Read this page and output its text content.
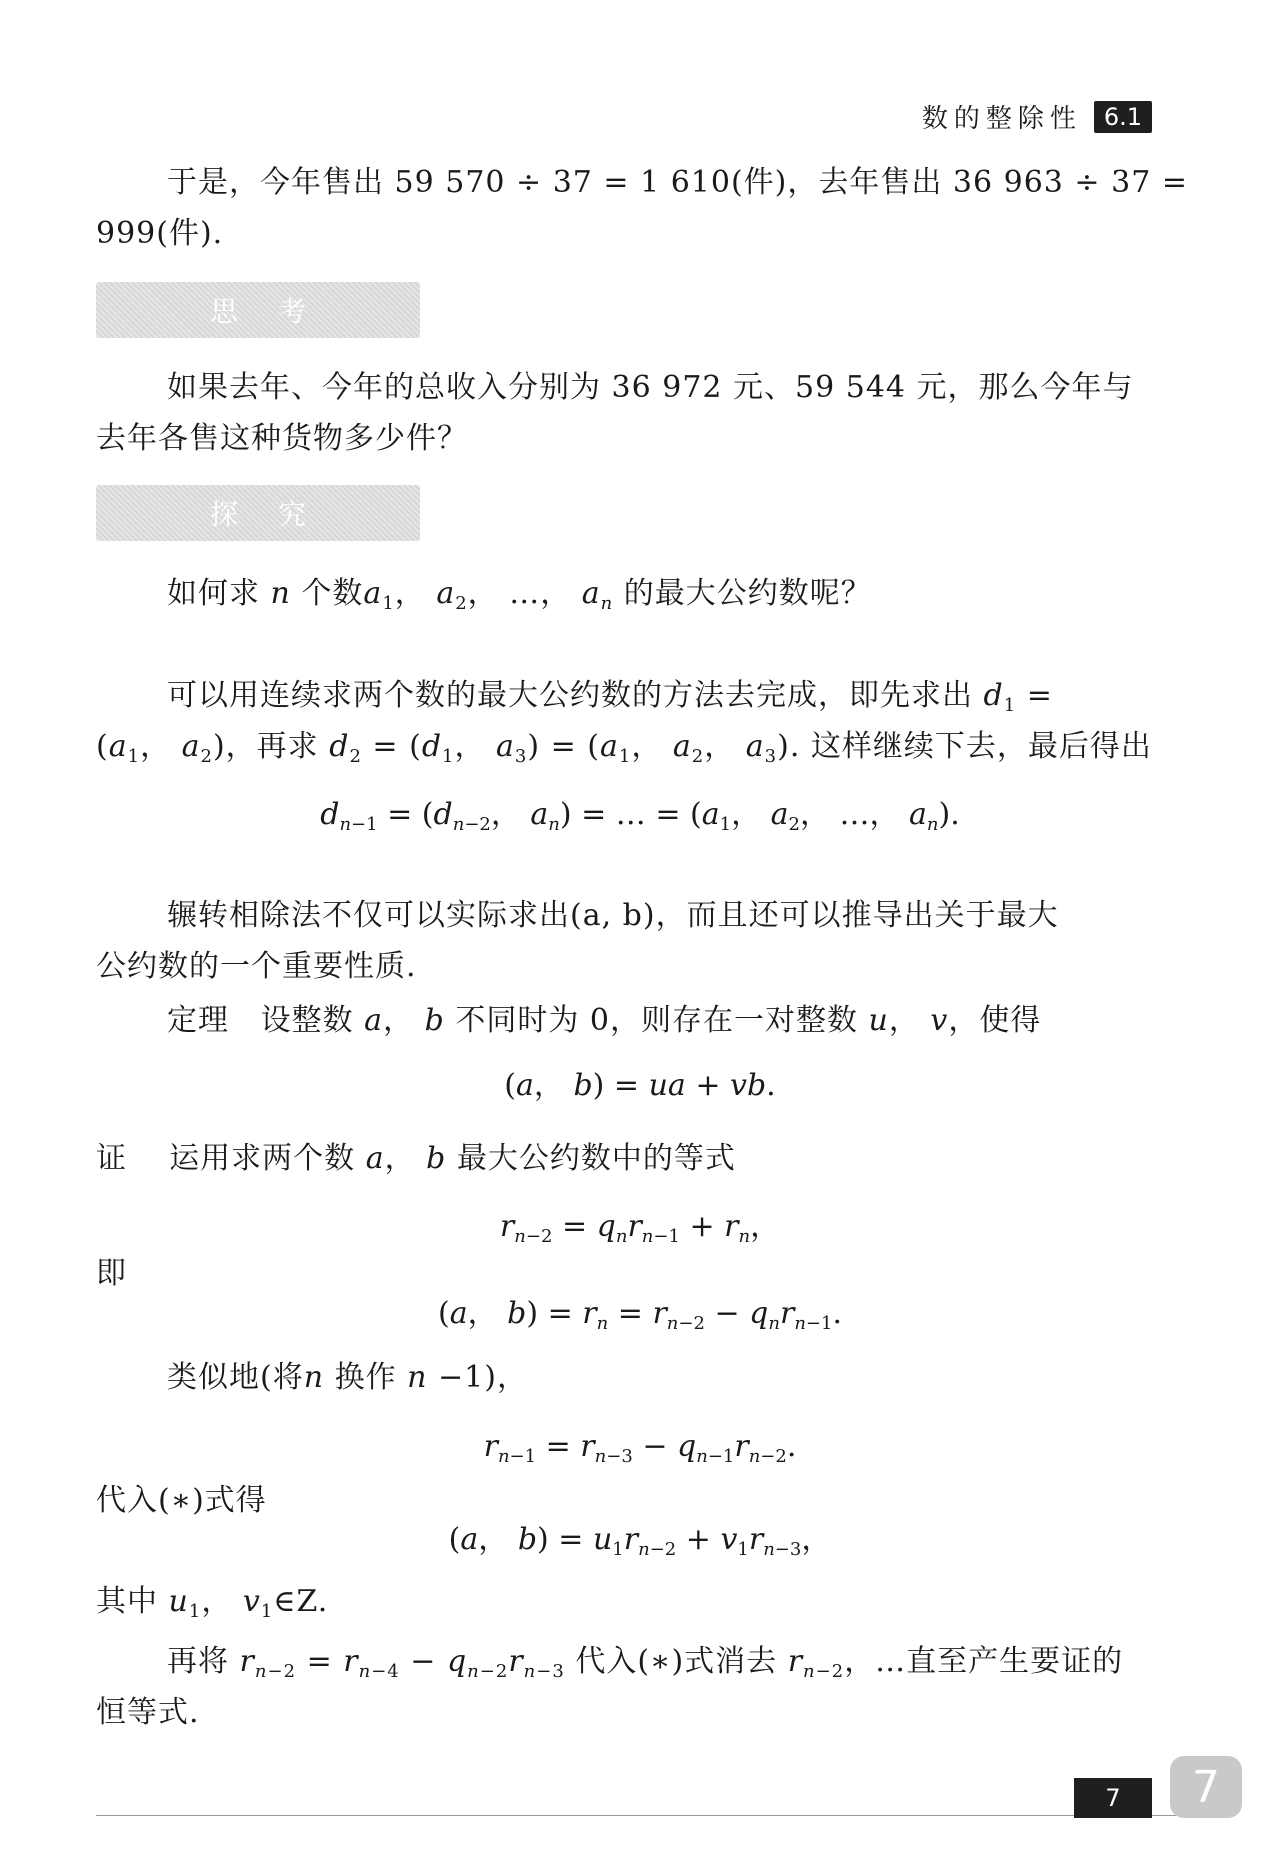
数的整除性 6.1
于是，今年售出 59 570 ÷ 37 = 1 610(件)，去年售出 36 963 ÷ 37 =
999(件).
思考
如果去年、今年的总收入分别为 36 972 元、59 544 元，那么今年与
去年各售这种货物多少件？
探究
如何求 n 个数$a_1$， $a_2$， …， $a_n$ 的最大公约数呢？
可以用连续求两个数的最大公约数的方法去完成，即先求出 $d_1$ =
($a_1$， $a_2$)，再求 $d_2 = (d_1$， $a_3) = (a_1$， $a_2$， $a_3$). 这样继续下去，最后得出
$d_{n-1} = (d_{n-2}$， $a_n$) = … = ($a_1$， $a_2$， …， $a_n$).
辗转相除法不仅可以实际求出(a, b)，而且还可以推导出关于最大
公约数的一个重要性质.
定理 设整数 a， b 不同时为 0，则存在一对整数 u， v，使得
(a， b) = ua + vb.
证 运用求两个数 a， b 最大公约数中的等式
$r_{n-2} = q_nr_{n-1} + r_n$，
即
(a， $b) = r_n = r_{n-2} - q_nr_{n-1}$.
类似地(将n 换作 n −1)，
$r_{n-1} = r_{n-3} - q_{n-1}r_{n-2}$.
代入(∗)式得
(a， $b) = u_1r_{n-2} + v_1r_{n-3}$，
其中 $u_1$， $v_1\in Z$.
再将 $r_{n-2} = r_{n-4} - q_{n-2}r_{n-3}$ 代入(∗)式消去 $r_{n-2}$，…直至产生要证的
恒等式.
7	7
